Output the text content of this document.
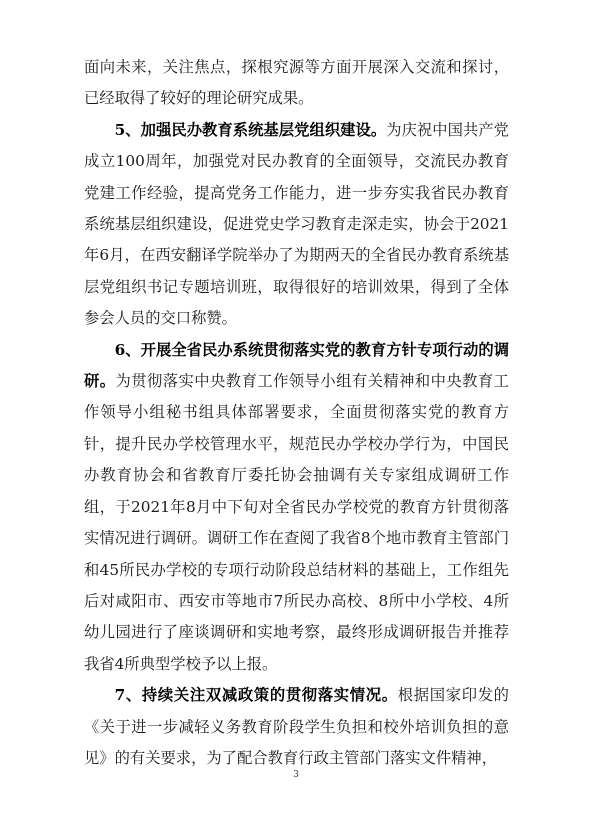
面向未来，关注焦点，探根究源等方面开展深入交流和探讨，已经取得了较好的理论研究成果。

5、加强民办教育系统基层党组织建设。为庆祝中国共产党成立100周年，加强党对民办教育的全面领导，交流民办教育党建工作经验，提高党务工作能力，进一步夯实我省民办教育系统基层组织建设，促进党史学习教育走深走实，协会于2021年6月，在西安翻译学院举办了为期两天的全省民办教育系统基层党组织书记专题培训班，取得很好的培训效果，得到了全体参会人员的交口称赞。

6、开展全省民办系统贯彻落实党的教育方针专项行动的调研。为贯彻落实中央教育工作领导小组有关精神和中央教育工作领导小组秘书组具体部署要求，全面贯彻落实党的教育方针，提升民办学校管理水平，规范民办学校办学行为，中国民办教育协会和省教育厅委托协会抽调有关专家组成调研工作组，于2021年8月中下旬对全省民办学校党的教育方针贯彻落实情况进行调研。调研工作在查阅了我省8个地市教育主管部门和45所民办学校的专项行动阶段总结材料的基础上，工作组先后对咸阳市、西安市等地市7所民办高校、8所中小学校、4所幼儿园进行了座谈调研和实地考察，最终形成调研报告并推荐我省4所典型学校予以上报。

7、持续关注双减政策的贯彻落实情况。根据国家印发的《关于进一步减轻义务教育阶段学生负担和校外培训负担的意见》的有关要求，为了配合教育行政主管部门落实文件精神，

3
